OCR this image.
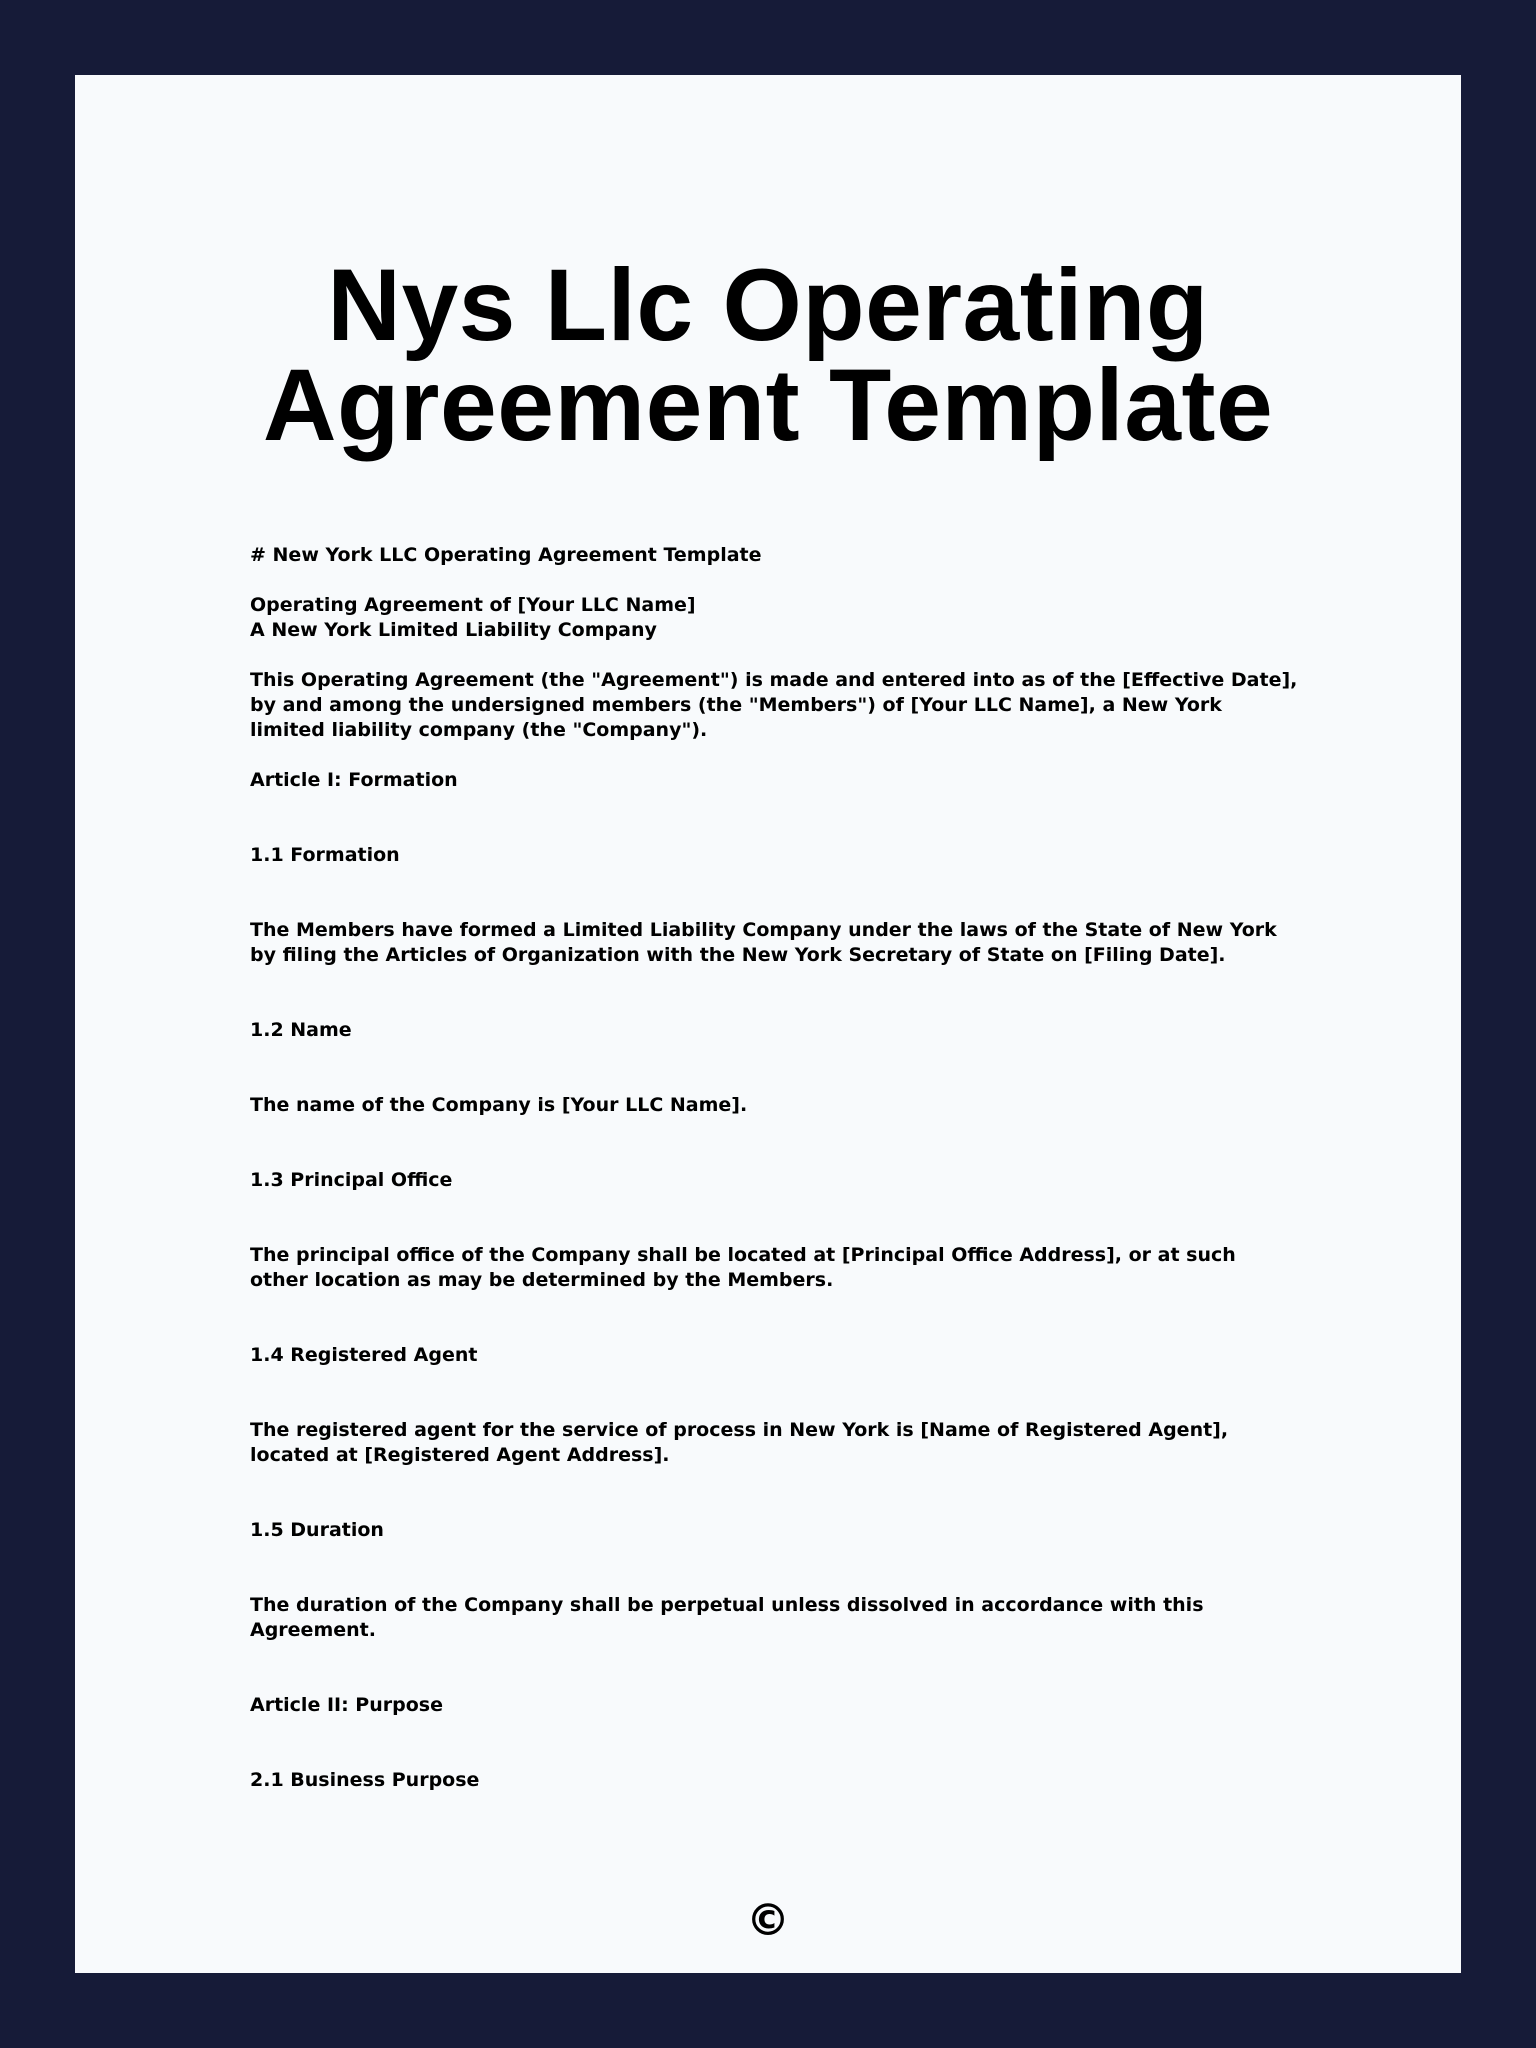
Nys Llc Operating
Agreement Template

# New York LLC Operating Agreement Template

Operating Agreement of [Your LLC Name]

A New York Limited Liability Company

This Operating Agreement (the "Agreement") is made and entered into as of the [Effective Date], by and among the undersigned members (the "Members") of [Your LLC Name], a New York limited liability company (the "Company").

Article I: Formation

1.1 Formation

The Members have formed a Limited Liability Company under the laws of the State of New York by filing the Articles of Organization with the New York Secretary of State on [Filing Date].

1.2 Name

The name of the Company is [Your LLC Name].

1.3 Principal Office

The principal office of the Company shall be located at [Principal Office Address], or at such other location as may be determined by the Members.

1.4 Registered Agent

The registered agent for the service of process in New York is [Name of Registered Agent], located at [Registered Agent Address].

1.5 Duration

The duration of the Company shall be perpetual unless dissolved in accordance with this Agreement.

Article II: Purpose

2.1 Business Purpose

©
